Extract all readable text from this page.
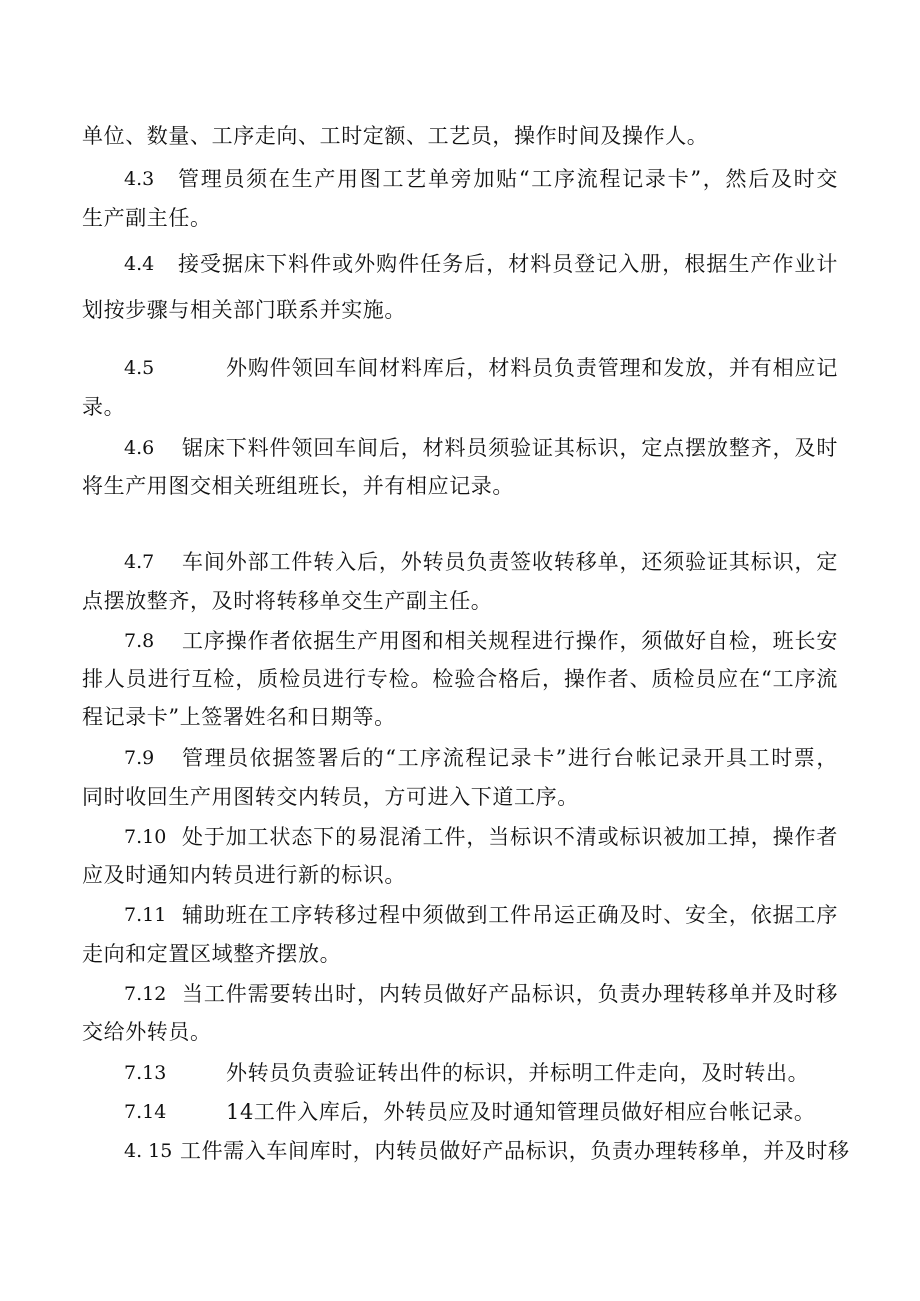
单位、数量、工序走向、工时定额、工艺员，操作时间及操作人。
4.3 管理员须在生产用图工艺单旁加贴“工序流程记录卡”，然后及时交
生产副主任。
4.4 接受据床下料件或外购件任务后，材料员登记入册，根据生产作业计
划按步骤与相关部门联系并实施。
4.5	外购件领回车间材料库后，材料员负责管理和发放，并有相应记
录。
4.6 锯床下料件领回车间后，材料员须验证其标识，定点摆放整齐，及时
将生产用图交相关班组班长，并有相应记录。
4.7 车间外部工件转入后，外转员负责签收转移单，还须验证其标识，定
点摆放整齐，及时将转移单交生产副主任。
7.8 工序操作者依据生产用图和相关规程进行操作，须做好自检，班长安
排人员进行互检，质检员进行专检。检验合格后，操作者、质检员应在“工序流
程记录卡”上签署姓名和日期等。
7.9 管理员依据签署后的“工序流程记录卡”进行台帐记录开具工时票，
同时收回生产用图转交内转员，方可进入下道工序。
7.10 处于加工状态下的易混淆工件，当标识不清或标识被加工掉，操作者
应及时通知内转员进行新的标识。
7.11 辅助班在工序转移过程中须做到工件吊运正确及时、安全，依据工序
走向和定置区域整齐摆放。
7.12 当工件需要转出时，内转员做好产品标识，负责办理转移单并及时移
交给外转员。
7.13	外转员负责验证转出件的标识，并标明工件走向，及时转出。
7.14	14工件入库后，外转员应及时通知管理员做好相应台帐记录。
4. 15 工件需入车间库时，内转员做好产品标识，负责办理转移单，并及时移
